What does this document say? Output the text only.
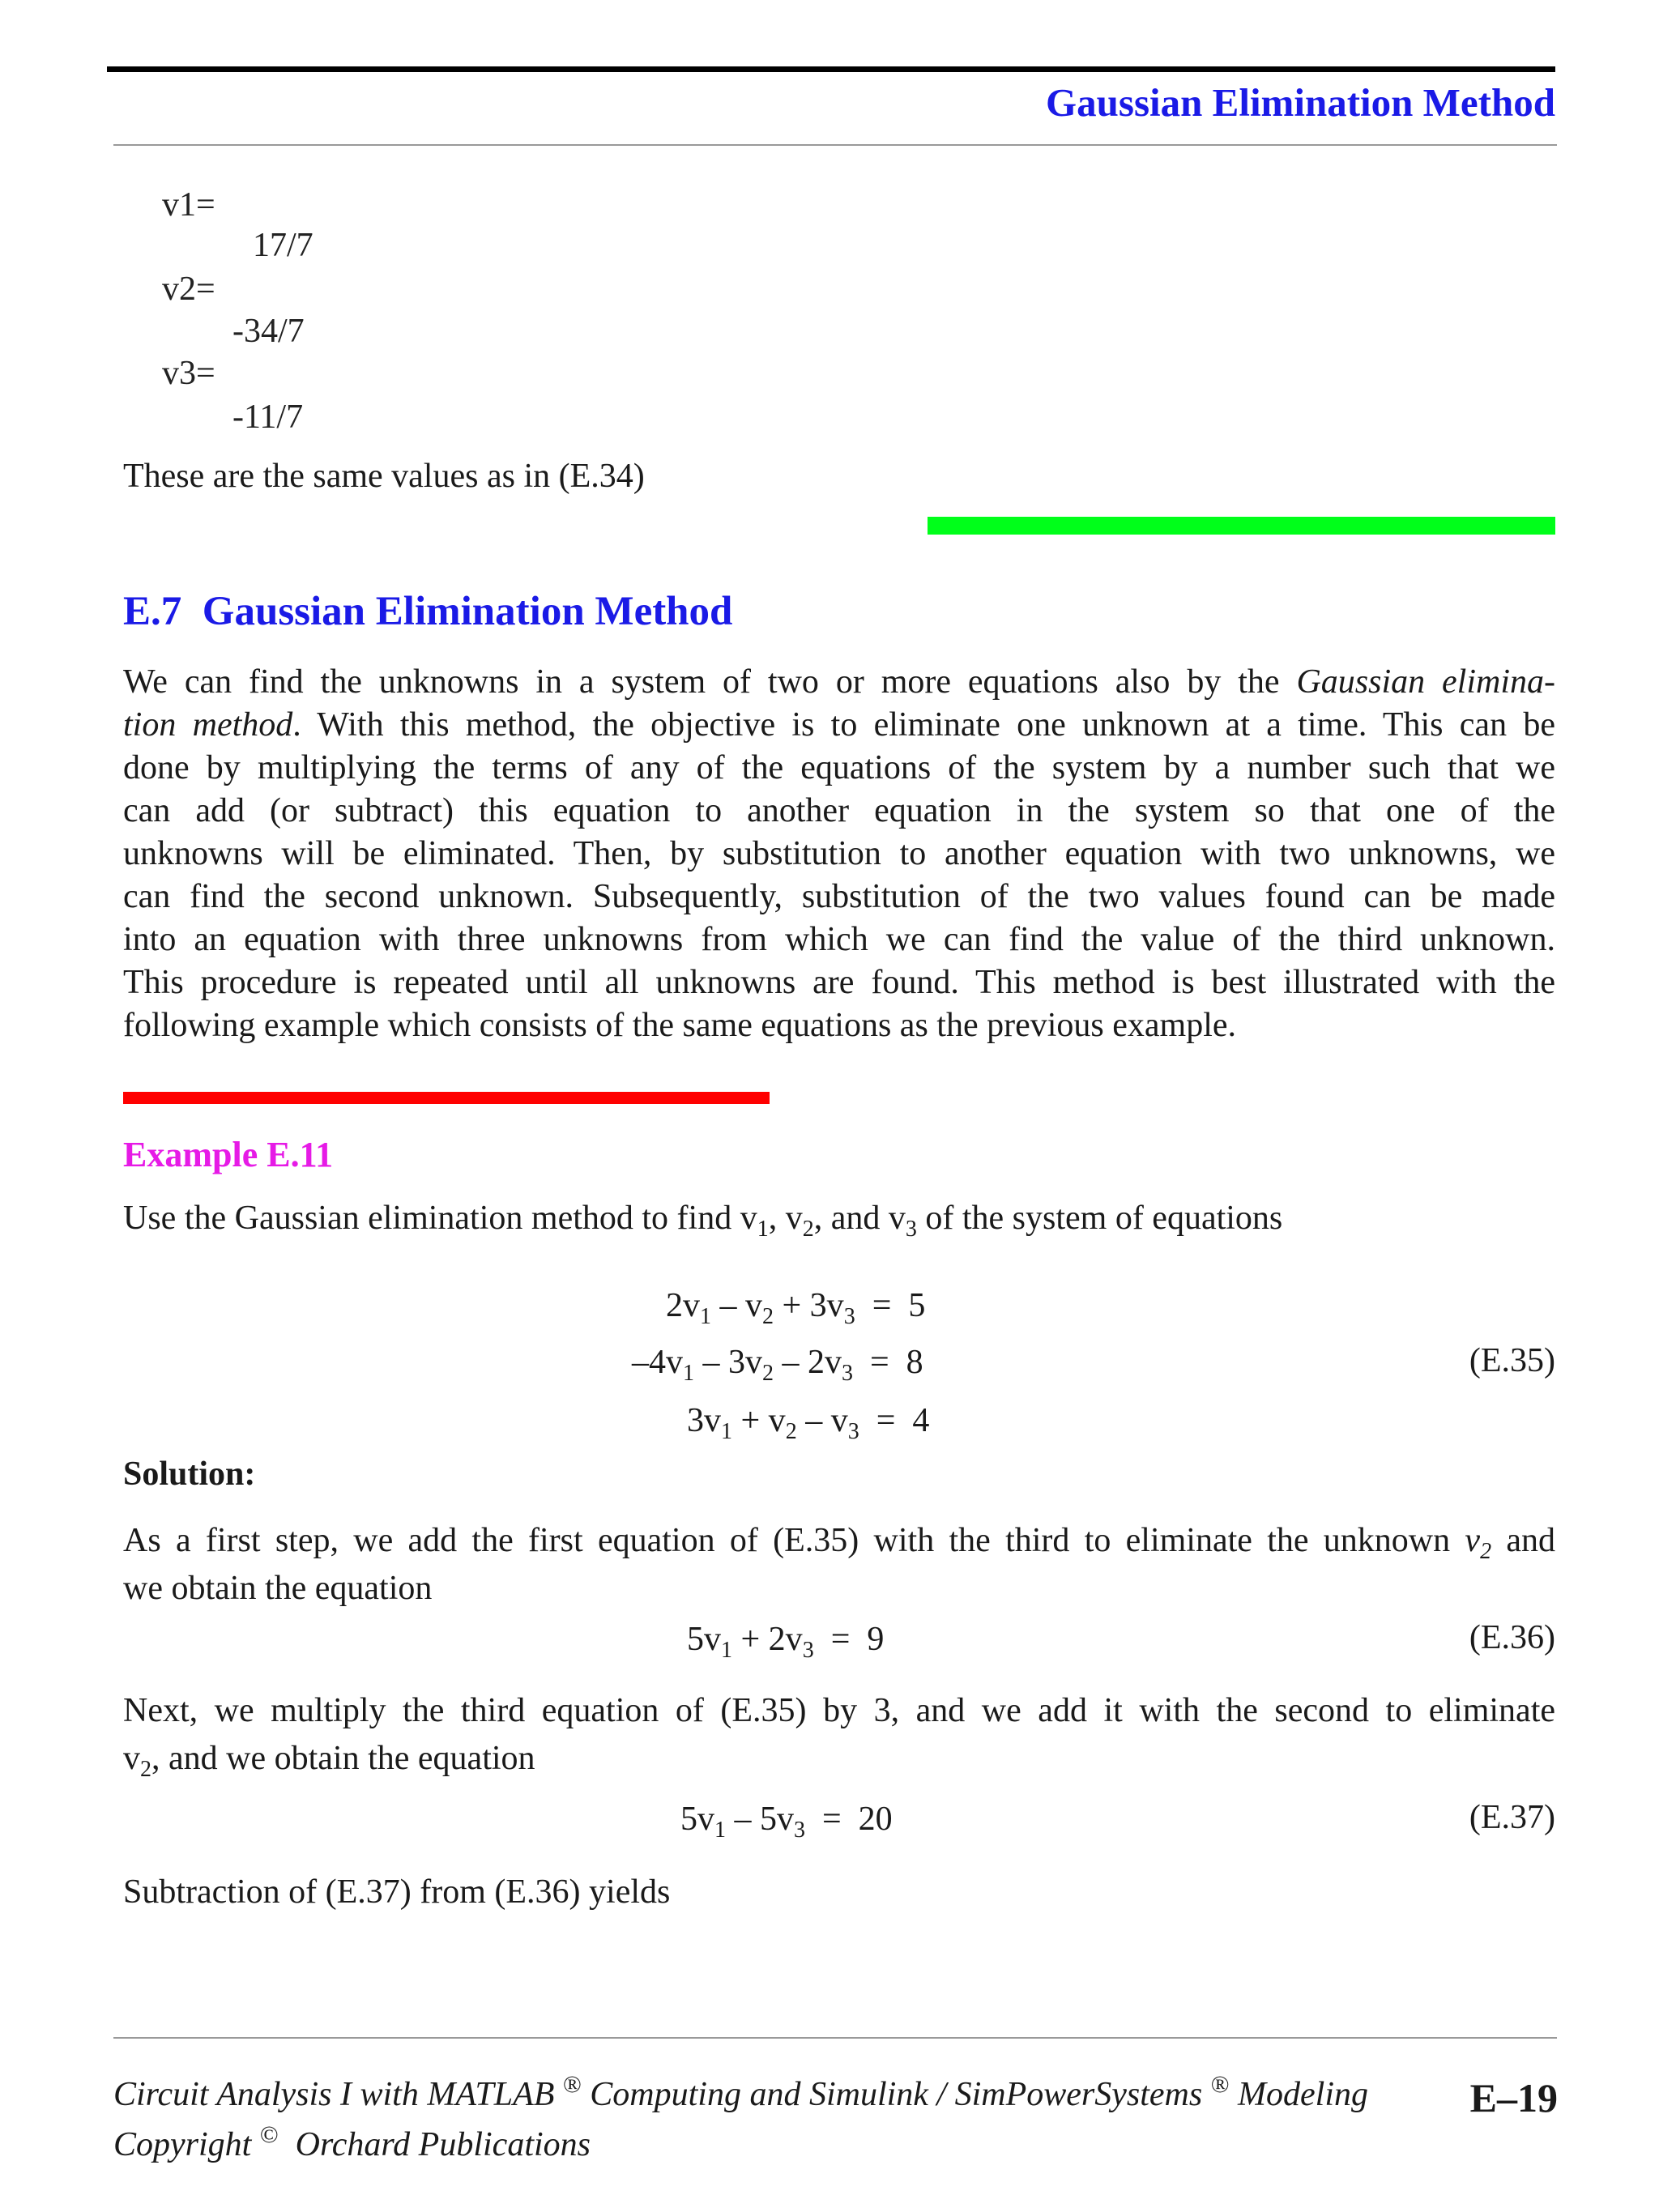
Gaussian Elimination Method
v1=
17/7
v2=
-34/7
v3=
-11/7
These are the same values as in (E.34)
E.7 Gaussian Elimination Method
We can find the unknowns in a system of two or more equations also by the Gaussian elimina-
tion method. With this method, the objective is to eliminate one unknown at a time. This can be
done by multiplying the terms of any of the equations of the system by a number such that we
can add (or subtract) this equation to another equation in the system so that one of the
unknowns will be eliminated. Then, by substitution to another equation with two unknowns, we
can find the second unknown. Subsequently, substitution of the two values found can be made
into an equation with three unknowns from which we can find the value of the third unknown.
This procedure is repeated until all unknowns are found. This method is best illustrated with the
following example which consists of the same equations as the previous example.
Example E.11
Use the Gaussian elimination method to find $v_1$, $v_2$, and $v_3$ of the system of equations
$2v_1 - v_2 + 3v_3 = 5$
$-4v_1 - 3v_2 - 2v_3 = 8$
$3v_1 + v_2 - v_3 = 4$
(E.35)
Solution:
As a first step, we add the first equation of (E.35) with the third to eliminate the unknown $v_2$ and
we obtain the equation
$5v_1 + 2v_3 = 9$	(E.36)
Next, we multiply the third equation of (E.35) by 3, and we add it with the second to eliminate
$v_2$, and we obtain the equation
$5v_1 - 5v_3 = 20$	(E.37)
Subtraction of (E.37) from (E.36) yields
Circuit Analysis I with MATLAB ® Computing and Simulink / SimPowerSystems ® Modeling
Copyright © Orchard Publications
E–19
